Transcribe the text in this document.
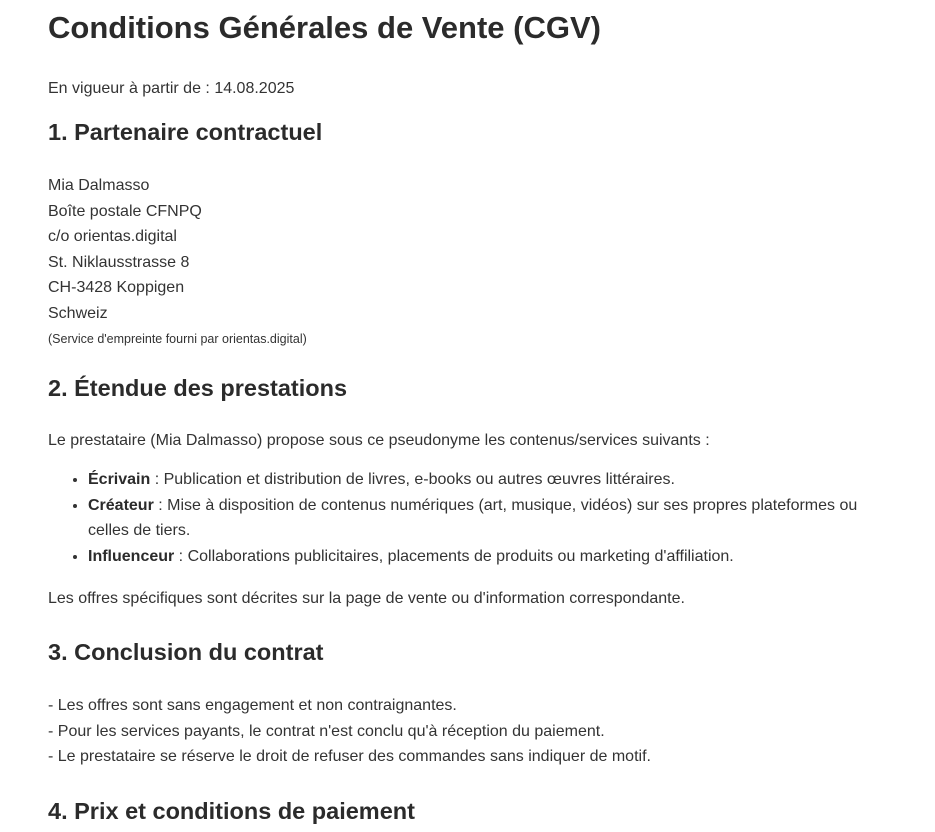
Conditions Générales de Vente (CGV)

En vigueur à partir de : 14.08.2025

1. Partenaire contractuel
Mia Dalmasso
Boîte postale CFNPQ
c/o orientas.digital
St. Niklausstrasse 8
CH-3428 Koppigen
Schweiz
(Service d'empreinte fourni par orientas.digital)
2. Étendue des prestations

Le prestataire (Mia Dalmasso) propose sous ce pseudonyme les contenus/services suivants :

• Écrivain : Publication et distribution de livres, e-books ou autres œuvres littéraires.
• Créateur : Mise à disposition de contenus numériques (art, musique, vidéos) sur ses propres plateformes ou celles de tiers.
• Influenceur : Collaborations publicitaires, placements de produits ou marketing d'affiliation.

Les offres spécifiques sont décrites sur la page de vente ou d'information correspondante.

3. Conclusion du contrat
- Les offres sont sans engagement et non contraignantes.
- Pour les services payants, le contrat n'est conclu qu'à réception du paiement.
- Le prestataire se réserve le droit de refuser des commandes sans indiquer de motif.
4. Prix et conditions de paiement
